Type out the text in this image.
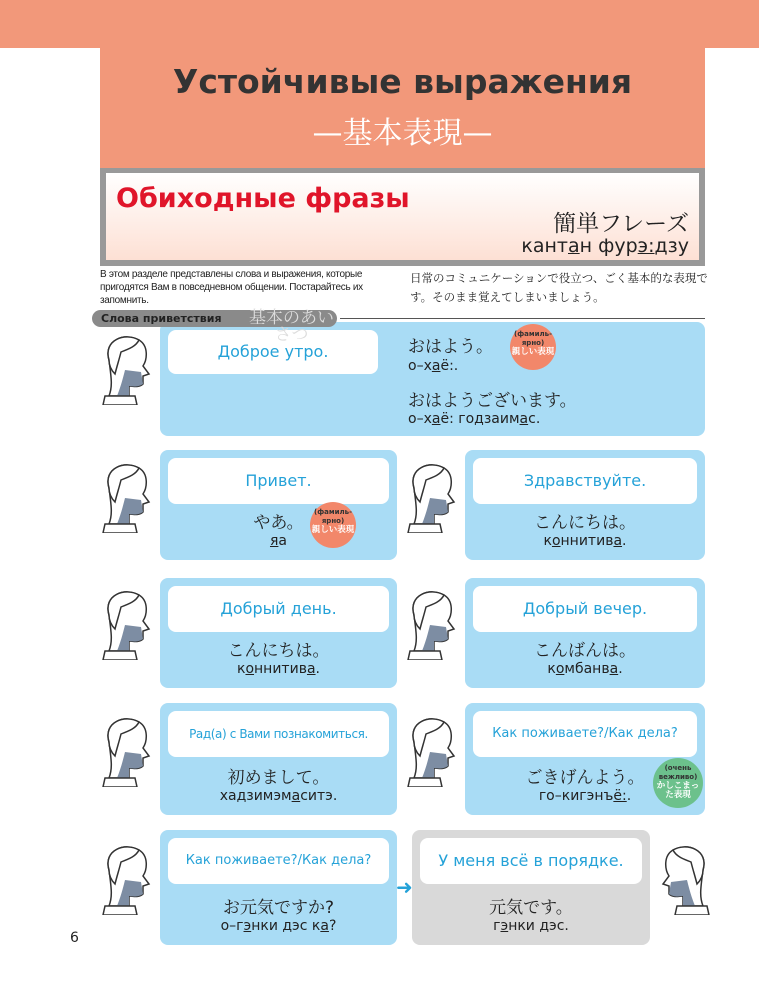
Устойчивые выражения
—基本表現—
Обиходные фразы
簡単フレーズ
кантан фурэ:дзу
В этом разделе представлены слова и выражения, которые пригодятся Вам в повседневном общении. Постарайтесь их запомнить.
日常のコミュニケーションで役立つ、ごく基本的な表現です。そのまま覚えてしまいましょう。
Слова приветствия 基本のあいさつ
Доброе утро.	おはよう。
о–хаё:.
おはようございます。
о–хаё: годзаимас.
(фамиль-ярно)
親しい表現
Привет.
やあ。
яа
(фамиль-ярно)
親しい表現
Здравствуйте.
こんにちは。
коннитива.
Добрый день.
こんにちは。
коннитива.
Добрый вечер.
こんばんは。
комбанва.
Рад(а) с Вами познакомиться.
初めまして。
хадзимэмаситэ.
Как поживаете?/Как дела?
ごきげんよう。
го–кигэнъё:.
(очень вежливо)
かしこまった表現
Как поживаете?/Как дела?
お元気ですか?
о–гэнки дэс ка?
У меня всё в порядке.
元気です。
гэнки дэс.
➜
6
